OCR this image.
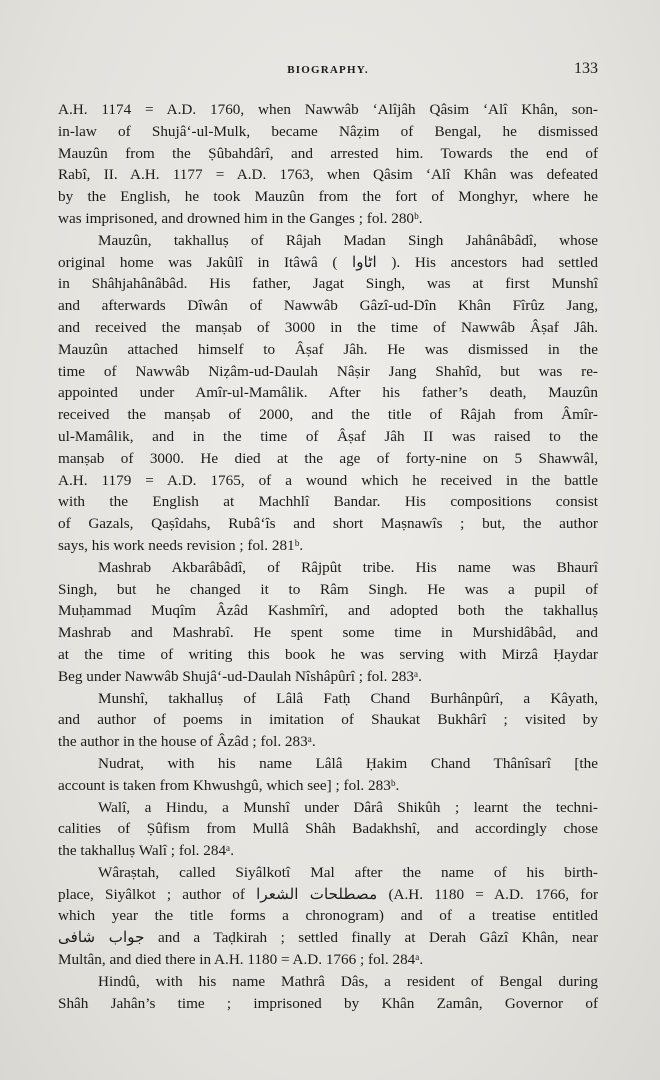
BIOGRAPHY.	133

A.H. 1174 = A.D. 1760, when Nawwâb ‘Alîjâh Qâsim ‘Alî Khân, son-

in-law of Shujâ‘-ul-Mulk, became Nâẓim of Bengal, he dismissed

Mauzûn from the Ṣûbahdârî, and arrested him. Towards the end of

Rabî, II. A.H. 1177 = A.D. 1763, when Qâsim ‘Alî Khân was defeated

by the English, he took Mauzûn from the fort of Monghyr, where he

was imprisoned, and drowned him in the Ganges ; fol. 280ᵇ.

Mauzûn, takhalluṣ of Râjah Madan Singh Jahânâbâdî, whose

original home was Jakûlî in Itâwâ ( اٹاوا ). His ancestors had settled

in Shâhjahânâbâd. His father, Jagat Singh, was at first Munshî

and afterwards Dîwân of Nawwâb Gâzî-ud-Dîn Khân Fîrûz Jang,

and received the manṣab of 3000 in the time of Nawwâb Âṣaf Jâh.

Mauzûn attached himself to Âṣaf Jâh. He was dismissed in the

time of Nawwâb Niẓâm-ud-Daulah Nâṣir Jang Shahîd, but was re-

appointed under Amîr-ul-Mamâlik. After his father’s death, Mauzûn

received the manṣab of 2000, and the title of Râjah from Âmîr-

ul-Mamâlik, and in the time of Âṣaf Jâh II was raised to the

manṣab of 3000. He died at the age of forty-nine on 5 Shawwâl,

A.H. 1179 = A.D. 1765, of a wound which he received in the battle

with the English at Machhlî Bandar. His compositions consist

of Gazals, Qaṣîdahs, Rubâ‘îs and short Maṣnawîs ; but, the author

says, his work needs revision ; fol. 281ᵇ.

Mashrab Akbarâbâdî, of Râjpût tribe. His name was Bhaurî

Singh, but he changed it to Râm Singh. He was a pupil of

Muḥammad Muqîm Âzâd Kashmîrî, and adopted both the takhalluṣ

Mashrab and Mashrabî. He spent some time in Murshidâbâd, and

at the time of writing this book he was serving with Mirzâ Ḥaydar

Beg under Nawwâb Shujâ‘-ud-Daulah Nîshâpûrî ; fol. 283ᵃ.

Munshî, takhalluṣ of Lâlâ Fatḥ Chand Burhânpûrî, a Kâyath,

and author of poems in imitation of Shaukat Bukhârî ; visited by

the author in the house of Âzâd ; fol. 283ᵃ.

Nudrat, with his name Lâlâ Ḥakim Chand Thânîsarî [the

account is taken from Khwushgû, which see] ; fol. 283ᵇ.

Walî, a Hindu, a Munshî under Dârâ Shikûh ; learnt the techni-

calities of Ṣûfism from Mullâ Shâh Badakhshî, and accordingly chose

the takhalluṣ Walî ; fol. 284ᵃ.

Wâraṣtah, called Siyâlkotî Mal after the name of his birth-

place, Siyâlkot ; author of مصطلحات الشعرا (A.H. 1180 = A.D. 1766, for

which year the title forms a chronogram) and of a treatise entitled

جواب شافی and a Taḍkirah ; settled finally at Derah Gâzî Khân, near

Multân, and died there in A.H. 1180 = A.D. 1766 ; fol. 284ᵃ.

Hindû, with his name Mathrâ Dâs, a resident of Bengal during

Shâh Jahân’s time ; imprisoned by Khân Zamân, Governor of
